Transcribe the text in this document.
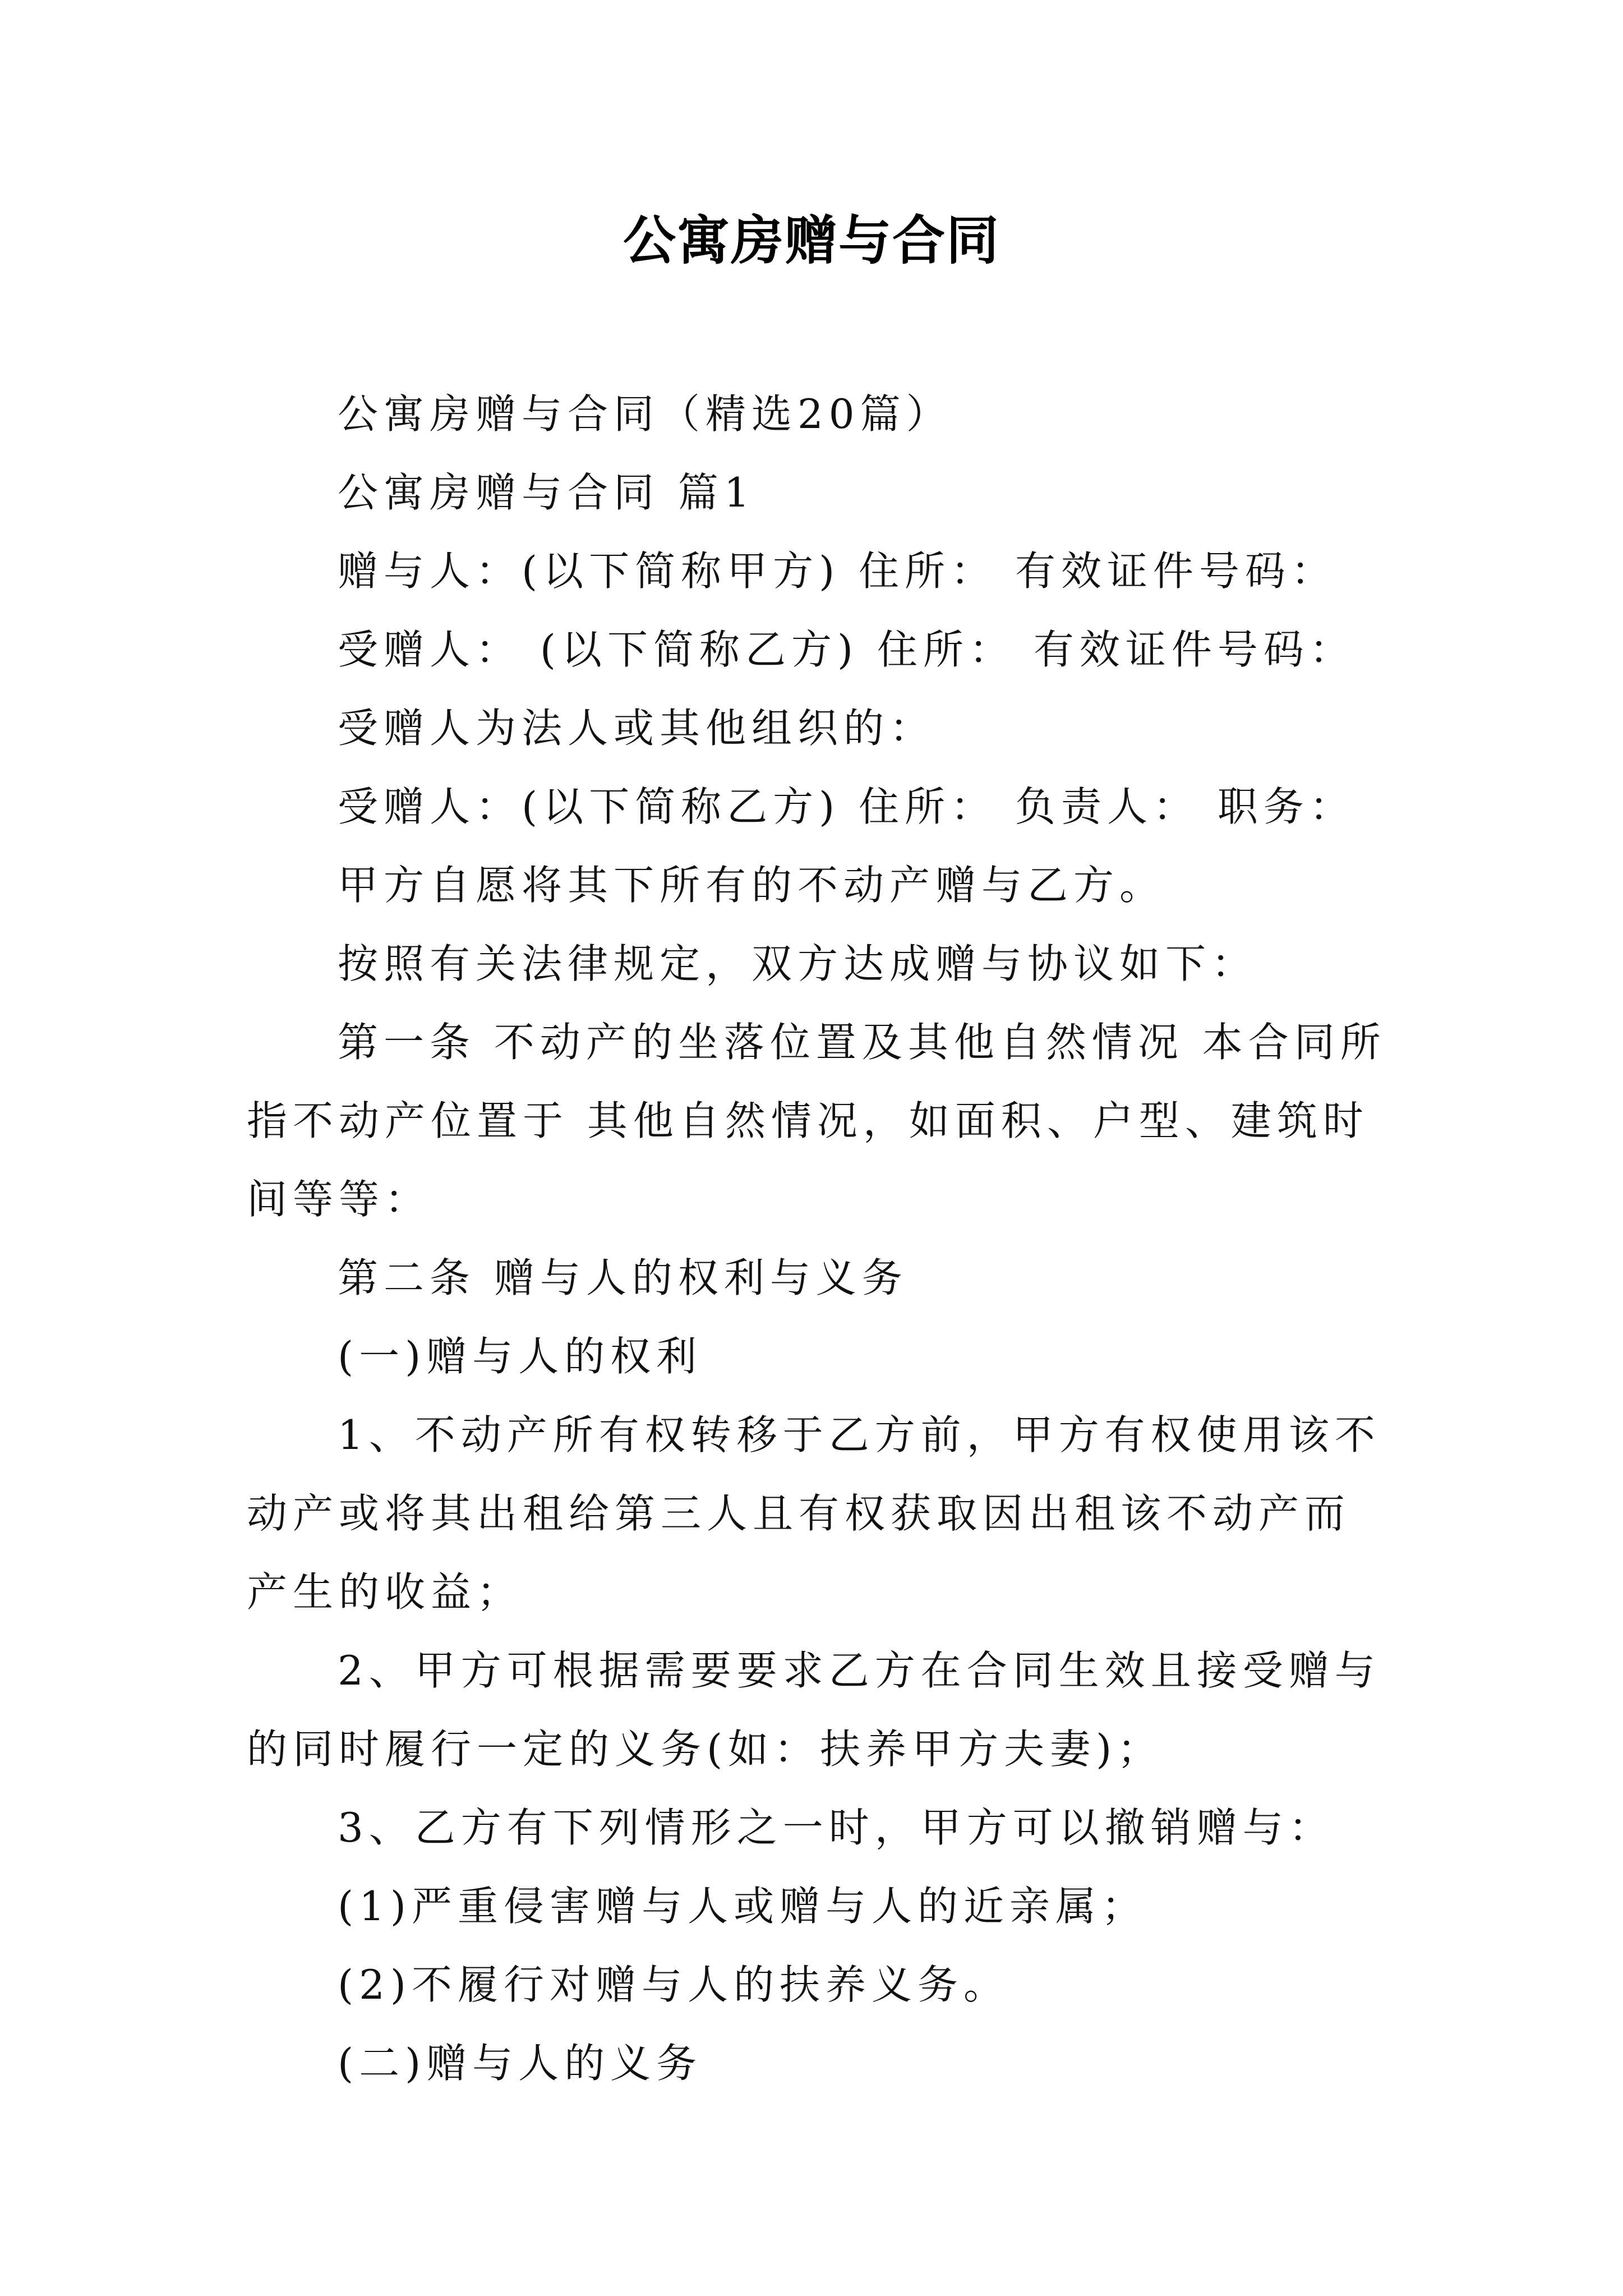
公寓房赠与合同

公寓房赠与合同（精选20篇）

公寓房赠与合同 篇1

赠与人：(以下简称甲方) 住所： 有效证件号码：

受赠人： (以下简称乙方) 住所： 有效证件号码：

受赠人为法人或其他组织的：

受赠人：(以下简称乙方) 住所： 负责人： 职务：

甲方自愿将其下所有的不动产赠与乙方。

按照有关法律规定，双方达成赠与协议如下：

第一条 不动产的坐落位置及其他自然情况 本合同所指不动产位置于 其他自然情况，如面积、户型、建筑时间等等：

第二条 赠与人的权利与义务

(一)赠与人的权利

1、不动产所有权转移于乙方前，甲方有权使用该不动产或将其出租给第三人且有权获取因出租该不动产而产生的收益；

2、甲方可根据需要要求乙方在合同生效且接受赠与的同时履行一定的义务(如：扶养甲方夫妻)；

3、乙方有下列情形之一时，甲方可以撤销赠与：

(1)严重侵害赠与人或赠与人的近亲属；

(2)不履行对赠与人的扶养义务。

(二)赠与人的义务
